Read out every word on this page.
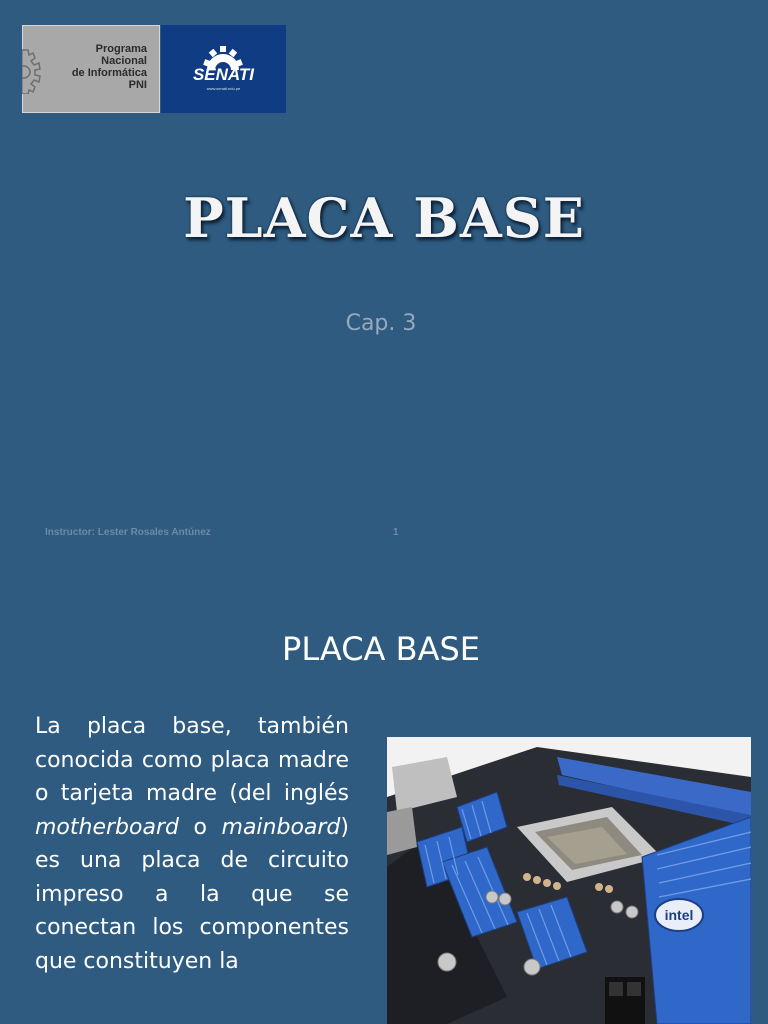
Programa
Nacional
de Informática
PNI
SENATI
www.senati.edu.pe
PLACA BASE
Cap. 3
Instructor: Lester Rosales Antúnez	1
PLACA BASE

La placa base, también conocida como placa madre o tarjeta madre (del inglés motherboard o mainboard) es una placa de circuito impreso a la que se conectan los componentes que constituyen la

intel
